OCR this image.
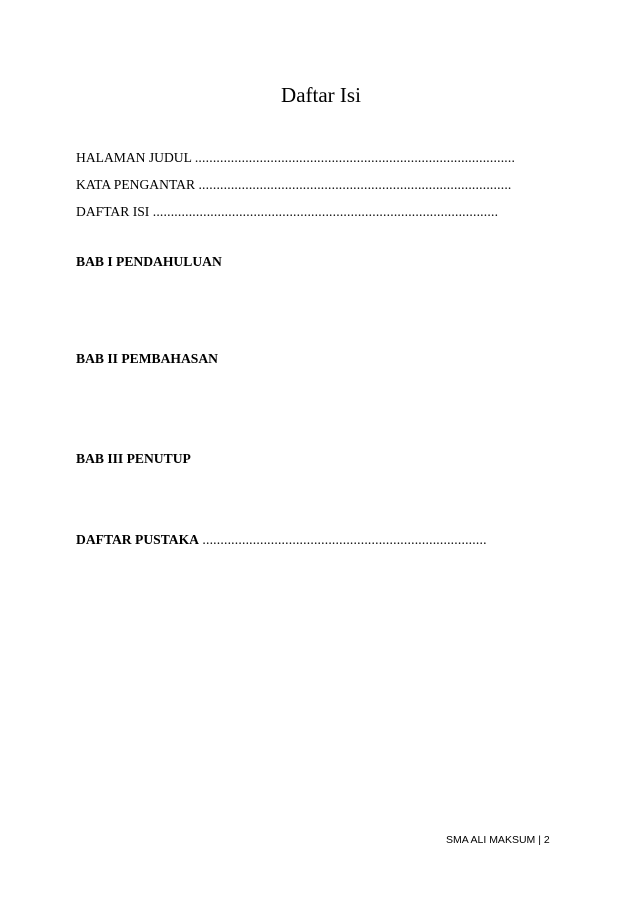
Daftar Isi
HALAMAN JUDUL .........................................................................................
KATA PENGANTAR .......................................................................................
DAFTAR ISI ................................................................................................
BAB I PENDAHULUAN
BAB II PEMBAHASAN
BAB III PENUTUP
DAFTAR PUSTAKA ...............................................................................
SMA ALI MAKSUM | 2
